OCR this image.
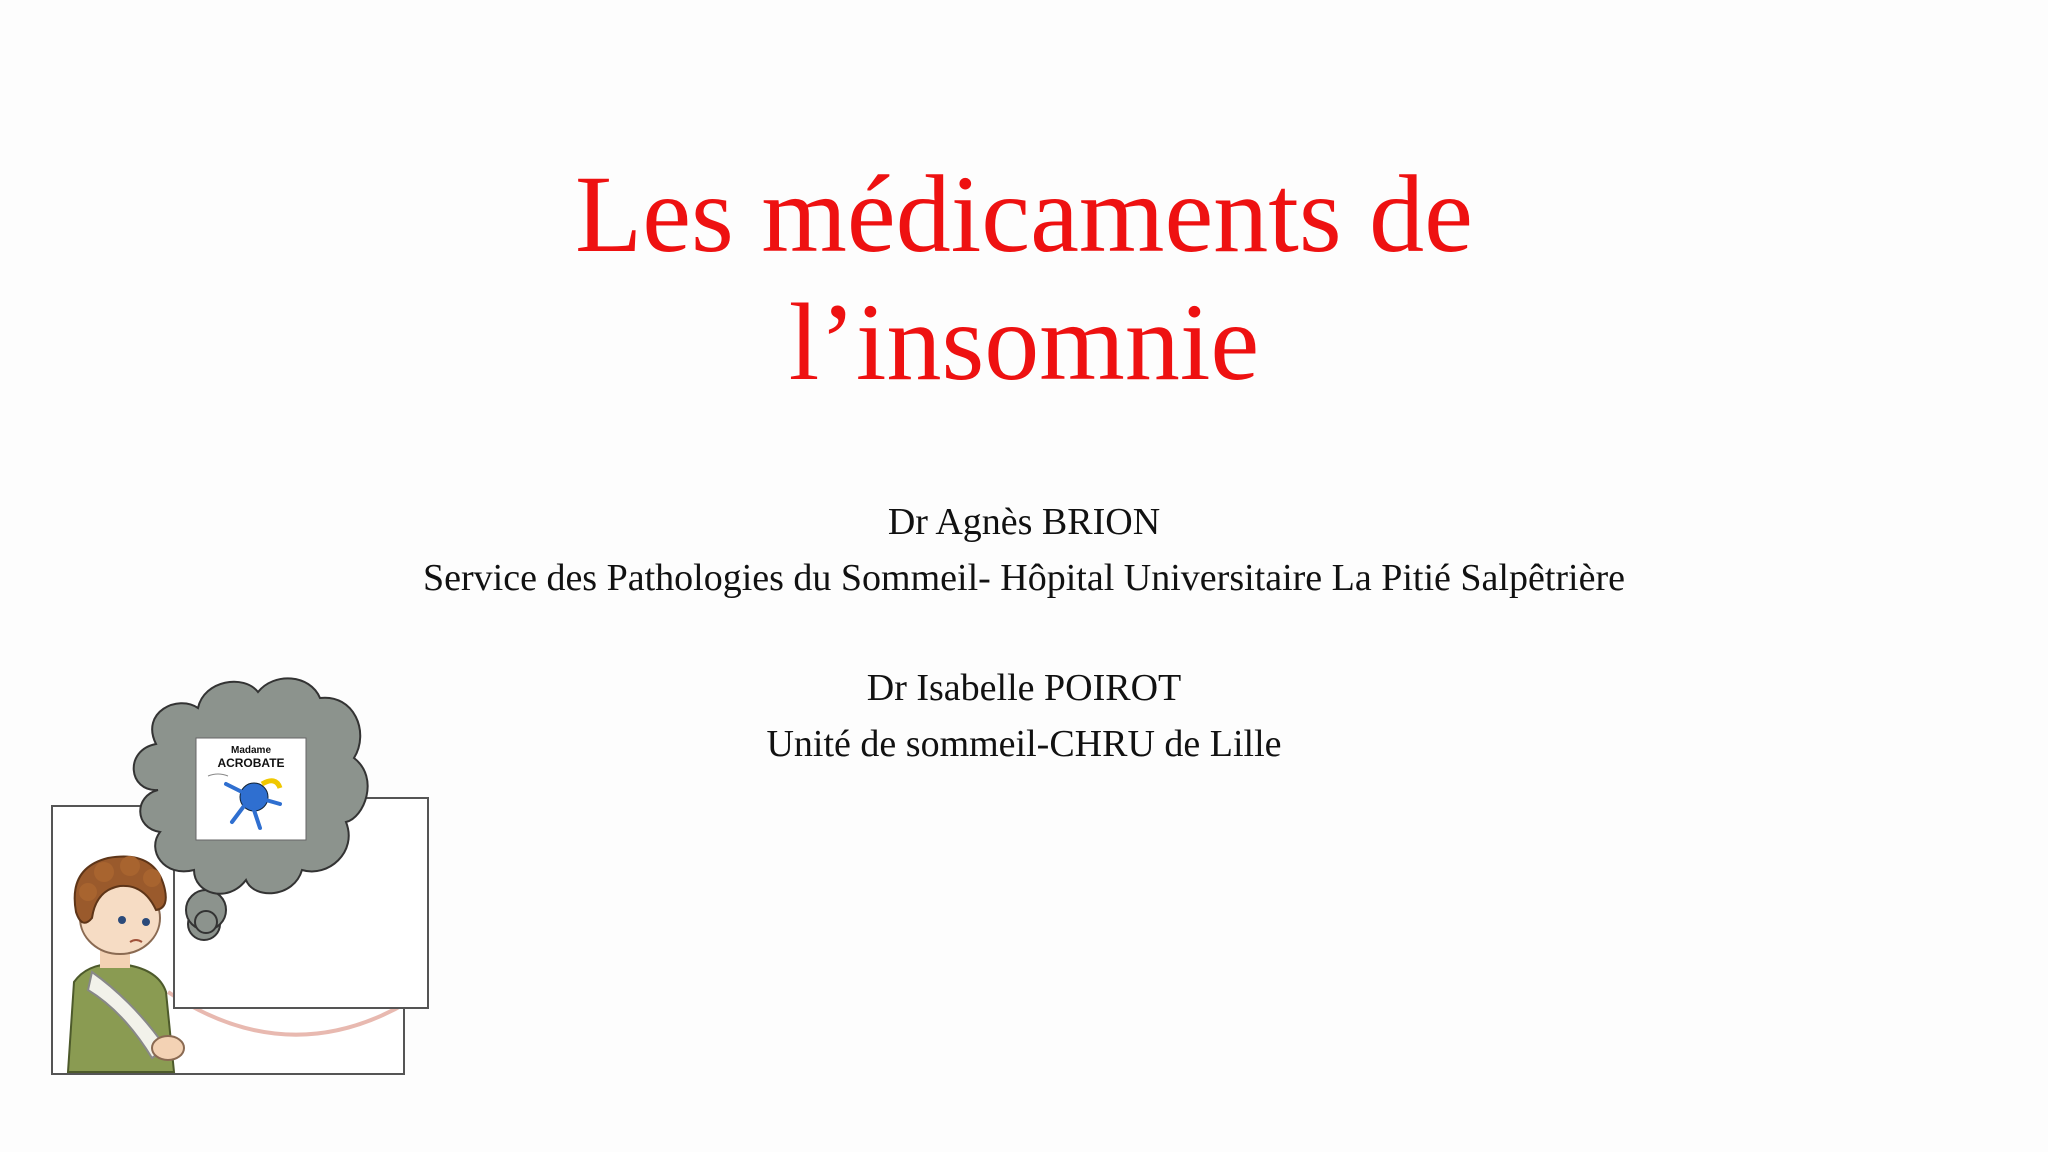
Les médicaments de
l’insomnie
Dr Agnès BRION
Service des Pathologies du Sommeil- Hôpital Universitaire La Pitié Salpêtrière
Dr Isabelle POIROT
Unité de sommeil-CHRU de Lille
Madame
ACROBATE
